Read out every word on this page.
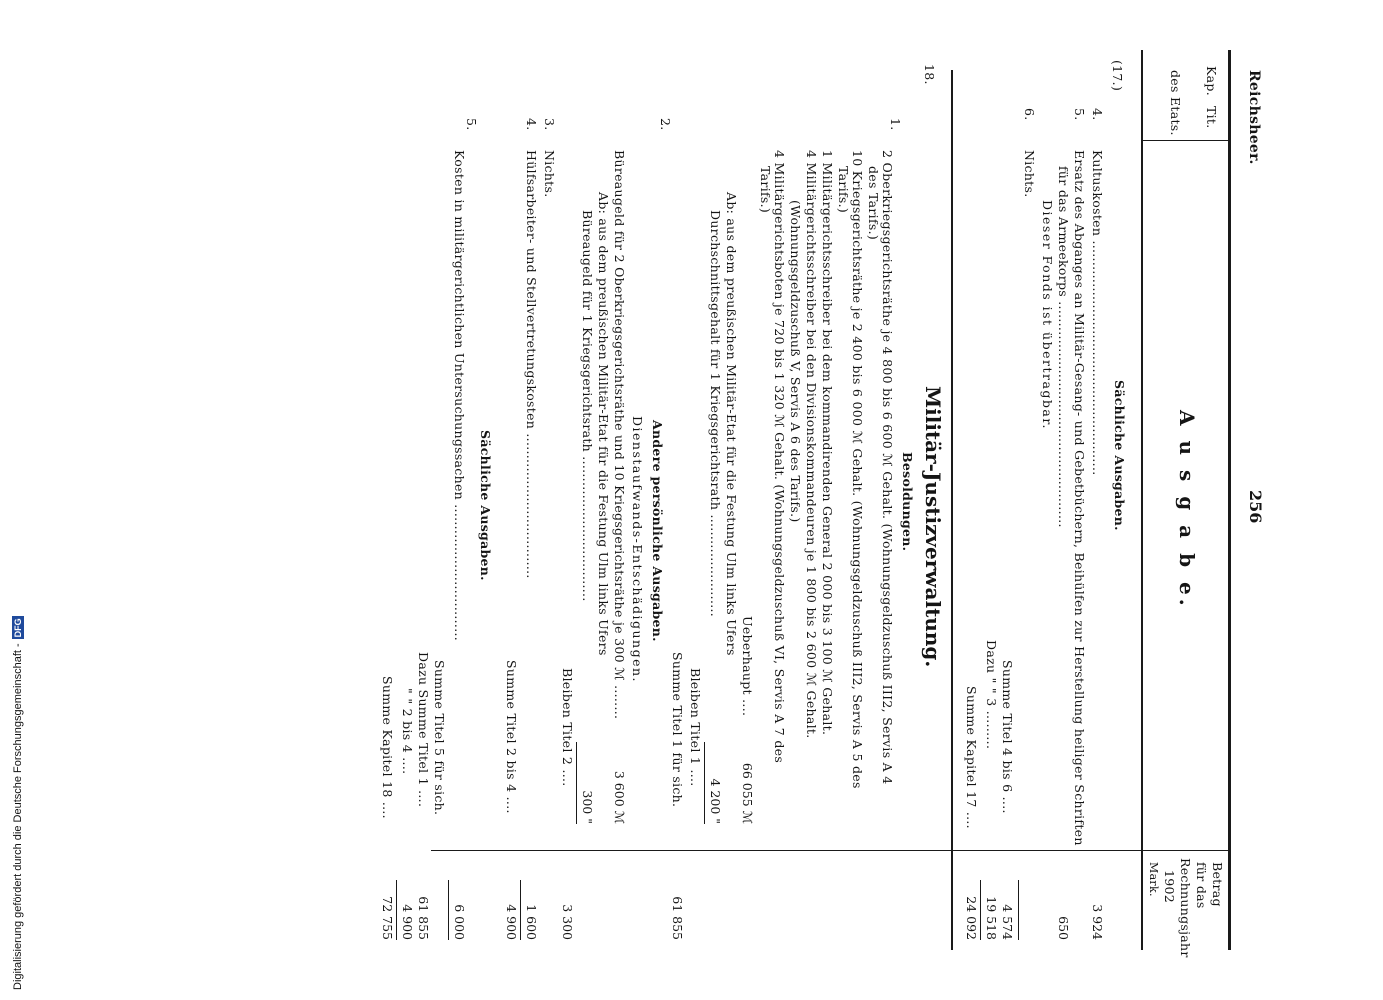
Reichsheer.
256
Kap.
Tit.
des Etats.
A u s g a b e.
Betrag
für das
Rechnungsjahr
1902
Mark.
(17.)
Sächliche Ausgaben.
4.
Kultuskosten .......................................................
3 924
5.
Ersatz des Abganges an Militär-Gesang- und Gebetbüchern, Beihülfen zur Herstellung heiliger Schriften
für das Armeekorps .....................................................
650
Dieser Fonds ist übertragbar.
6.
Nichts.
Summe Titel 4 bis 6 ....
4 574
Dazu " " 3 .........
19 518
Summe Kapitel 17 ....
24 092
18.
Militär-Justizverwaltung.
Besoldungen.
1.
2 Oberkriegsgerichtsräthe je 4 800 bis 6 600 ℳ Gehalt. (Wohnungsgeldzuschuß III2, Servis A 4
des Tarifs.)
10 Kriegsgerichtsräthe je 2 400 bis 6 000 ℳ Gehalt. (Wohnungsgeldzuschuß III2, Servis A 5 des
Tarifs.)
1 Militärgerichtsschreiber bei dem kommandirenden General 2 000 bis 3 100 ℳ Gehalt.
4 Militärgerichtsschreiber bei den Divisionskommandeuren je 1 800 bis 2 600 ℳ Gehalt.
(Wohnungsgeldzuschuß V, Servis A 6 des Tarifs.)
4 Militärgerichtsboten je 720 bis 1 320 ℳ Gehalt. (Wohnungsgeldzuschuß VI, Servis A 7 des
Tarifs.)
Ueberhaupt ....
66 055 ℳ
Ab: aus dem preußischen Militär-Etat für die Festung Ulm links Ufers
Durchschnittsgehalt für 1 Kriegsgerichtsrath ........................
4 200 "
Bleiben Titel 1 ....
Summe Titel 1 für sich.
61 855
Andere persönliche Ausgaben.
2.
Dienstaufwands-Entschädigungen.
Büreaugeld für 2 Oberkriegsgerichtsräthe und 10 Kriegsgerichtsräthe je 300 ℳ ........
3 600 ℳ
Ab: aus dem preußischen Militär-Etat für die Festung Ulm links Ufers
Büreaugeld für 1 Kriegsgerichtsrath ..................................
300 "
Bleiben Titel 2 ....
3 300
3.
Nichts.
4.
Hülfsarbeiter- und Stellvertretungskosten ..................................
1 600
Summe Titel 2 bis 4 ....
4 900
Sächliche Ausgaben.
5.
Kosten in militärgerichtlichen Untersuchungssachen ................................
6 000
Summe Titel 5 für sich.
Dazu Summe Titel 1 ....
61 855
" " 2 bis 4 ....
4 900
Summe Kapitel 18 ....
72 755
Digitalisierung gefördert durch die Deutsche Forschungsgemeinschaft -DFG
